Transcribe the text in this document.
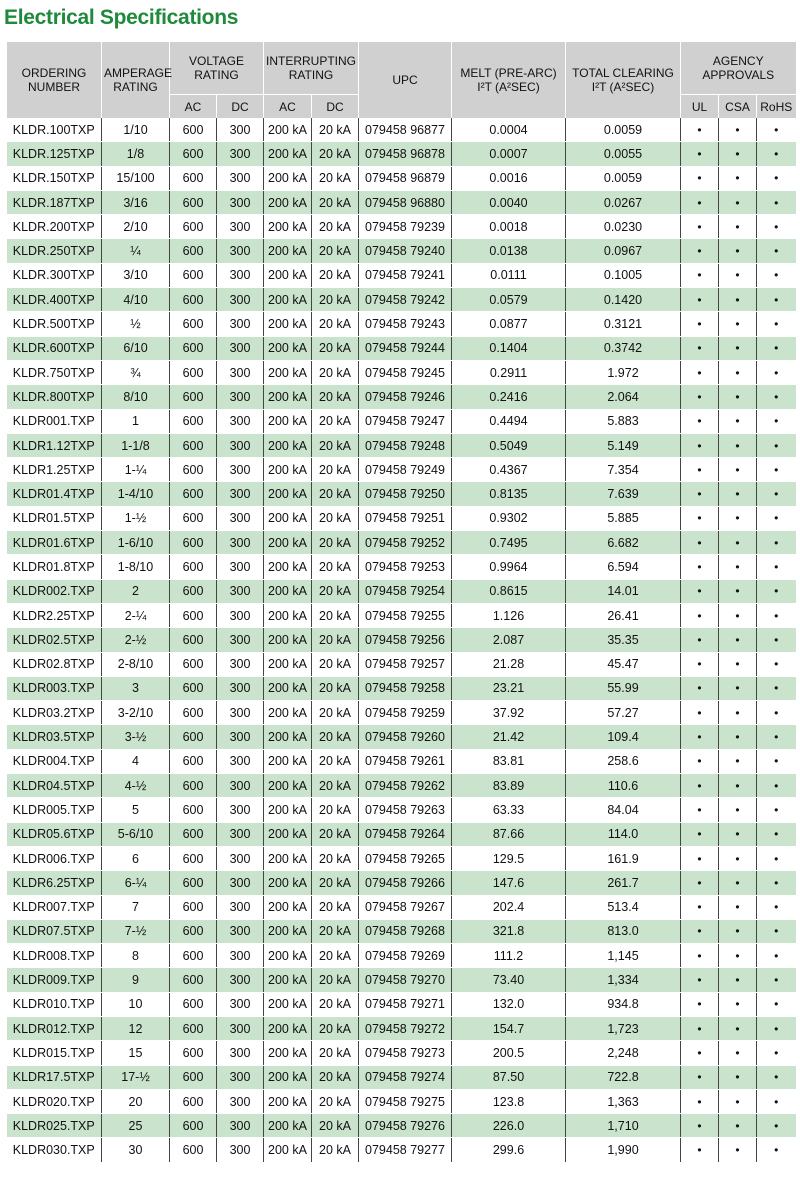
Electrical Specifications
ORDERING NUMBER	AMPERAGE RATING	VOLTAGE RATING		INTERRUPTING RATING		UPC	MELT (PRE-ARC) I²T (A²SEC)	TOTAL CLEARING I²T (A²SEC)	AGENCY APPROVALS		
		AC	DC	AC	DC				UL	CSA	RoHS
KLDR.100TXP	1/10	600	300	200 kA	20 kA	079458 96877	0.0004	0.0059	•	•	•
KLDR.125TXP	1/8	600	300	200 kA	20 kA	079458 96878	0.0007	0.0055	•	•	•
KLDR.150TXP	15/100	600	300	200 kA	20 kA	079458 96879	0.0016	0.0059	•	•	•
KLDR.187TXP	3/16	600	300	200 kA	20 kA	079458 96880	0.0040	0.0267	•	•	•
KLDR.200TXP	2/10	600	300	200 kA	20 kA	079458 79239	0.0018	0.0230	•	•	•
KLDR.250TXP	¼	600	300	200 kA	20 kA	079458 79240	0.0138	0.0967	•	•	•
KLDR.300TXP	3/10	600	300	200 kA	20 kA	079458 79241	0.0111	0.1005	•	•	•
KLDR.400TXP	4/10	600	300	200 kA	20 kA	079458 79242	0.0579	0.1420	•	•	•
KLDR.500TXP	½	600	300	200 kA	20 kA	079458 79243	0.0877	0.3121	•	•	•
KLDR.600TXP	6/10	600	300	200 kA	20 kA	079458 79244	0.1404	0.3742	•	•	•
KLDR.750TXP	¾	600	300	200 kA	20 kA	079458 79245	0.2911	1.972	•	•	•
KLDR.800TXP	8/10	600	300	200 kA	20 kA	079458 79246	0.2416	2.064	•	•	•
KLDR001.TXP	1	600	300	200 kA	20 kA	079458 79247	0.4494	5.883	•	•	•
KLDR1.12TXP	1-1/8	600	300	200 kA	20 kA	079458 79248	0.5049	5.149	•	•	•
KLDR1.25TXP	1-¼	600	300	200 kA	20 kA	079458 79249	0.4367	7.354	•	•	•
KLDR01.4TXP	1-4/10	600	300	200 kA	20 kA	079458 79250	0.8135	7.639	•	•	•
KLDR01.5TXP	1-½	600	300	200 kA	20 kA	079458 79251	0.9302	5.885	•	•	•
KLDR01.6TXP	1-6/10	600	300	200 kA	20 kA	079458 79252	0.7495	6.682	•	•	•
KLDR01.8TXP	1-8/10	600	300	200 kA	20 kA	079458 79253	0.9964	6.594	•	•	•
KLDR002.TXP	2	600	300	200 kA	20 kA	079458 79254	0.8615	14.01	•	•	•
KLDR2.25TXP	2-¼	600	300	200 kA	20 kA	079458 79255	1.126	26.41	•	•	•
KLDR02.5TXP	2-½	600	300	200 kA	20 kA	079458 79256	2.087	35.35	•	•	•
KLDR02.8TXP	2-8/10	600	300	200 kA	20 kA	079458 79257	21.28	45.47	•	•	•
KLDR003.TXP	3	600	300	200 kA	20 kA	079458 79258	23.21	55.99	•	•	•
KLDR03.2TXP	3-2/10	600	300	200 kA	20 kA	079458 79259	37.92	57.27	•	•	•
KLDR03.5TXP	3-½	600	300	200 kA	20 kA	079458 79260	21.42	109.4	•	•	•
KLDR004.TXP	4	600	300	200 kA	20 kA	079458 79261	83.81	258.6	•	•	•
KLDR04.5TXP	4-½	600	300	200 kA	20 kA	079458 79262	83.89	110.6	•	•	•
KLDR005.TXP	5	600	300	200 kA	20 kA	079458 79263	63.33	84.04	•	•	•
KLDR05.6TXP	5-6/10	600	300	200 kA	20 kA	079458 79264	87.66	114.0	•	•	•
KLDR006.TXP	6	600	300	200 kA	20 kA	079458 79265	129.5	161.9	•	•	•
KLDR6.25TXP	6-¼	600	300	200 kA	20 kA	079458 79266	147.6	261.7	•	•	•
KLDR007.TXP	7	600	300	200 kA	20 kA	079458 79267	202.4	513.4	•	•	•
KLDR07.5TXP	7-½	600	300	200 kA	20 kA	079458 79268	321.8	813.0	•	•	•
KLDR008.TXP	8	600	300	200 kA	20 kA	079458 79269	111.2	1,145	•	•	•
KLDR009.TXP	9	600	300	200 kA	20 kA	079458 79270	73.40	1,334	•	•	•
KLDR010.TXP	10	600	300	200 kA	20 kA	079458 79271	132.0	934.8	•	•	•
KLDR012.TXP	12	600	300	200 kA	20 kA	079458 79272	154.7	1,723	•	•	•
KLDR015.TXP	15	600	300	200 kA	20 kA	079458 79273	200.5	2,248	•	•	•
KLDR17.5TXP	17-½	600	300	200 kA	20 kA	079458 79274	87.50	722.8	•	•	•
KLDR020.TXP	20	600	300	200 kA	20 kA	079458 79275	123.8	1,363	•	•	•
KLDR025.TXP	25	600	300	200 kA	20 kA	079458 79276	226.0	1,710	•	•	•
KLDR030.TXP	30	600	300	200 kA	20 kA	079458 79277	299.6	1,990	•	•	•
